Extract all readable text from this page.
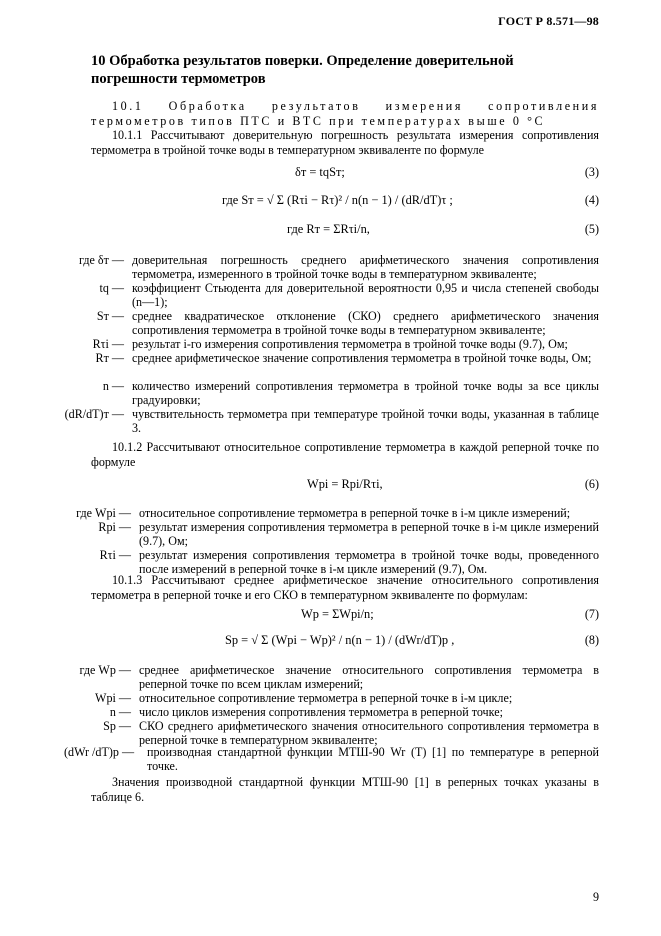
ГОСТ Р 8.571—98
10 Обработка результатов поверки. Определение доверительной погрешности термометров
10.1 Обработка результатов измерения сопротивления термометров типов ПТС и ВТС при температурах выше 0 °С
10.1.1 Рассчитывают доверительную погрешность результата измерения сопротивления термометра в тройной точке воды в температурном эквиваленте по формуле
δт = tqSт;	(3)
где Sт = √ Σ (Rτi − Rτ)² / n(n − 1) / (dR/dT)τ ;	(4)
где Rт = ΣRτi/n,	(5)
где δт — доверительная погрешность среднего арифметического значения сопротивления термометра, измеренного в тройной точке воды в температурном эквиваленте;
tq — коэффициент Стьюдента для доверительной вероятности 0,95 и числа степеней свободы (n—1);
Sт — среднее квадратическое отклонение (СКО) среднего арифметического значения сопротивления термометра в тройной точке воды в температурном эквиваленте;
Rτi — результат i-го измерения сопротивления термометра в тройной точке воды (9.7), Ом;
Rт — среднее арифметическое значение сопротивления термометра в тройной точке воды, Ом;
n — количество измерений сопротивления термометра в тройной точке воды за все циклы градуировки;
(dR/dT)т — чувствительность термометра при температуре тройной точки воды, указанная в таблице 3.
10.1.2 Рассчитывают относительное сопротивление термометра в каждой реперной точке по формуле
Wpi = Rpi/Rτi,	(6)
где Wpi — относительное сопротивление термометра в реперной точке в i-м цикле измерений;
Rpi — результат измерения сопротивления термометра в реперной точке в i-м цикле измерений (9.7), Ом;
Rτi — результат измерения сопротивления термометра в тройной точке воды, проведенного после измерений в реперной точке в i-м цикле измерений (9.7), Ом.
10.1.3 Рассчитывают среднее арифметическое значение относительного сопротивления термометра в реперной точке и его СКО в температурном эквиваленте по формулам:
Wp = ΣWpi/n;	(7)
Sp = √ Σ (Wpi − Wp)² / n(n − 1) / (dWr/dT)p ,	(8)
где Wp — среднее арифметическое значение относительного сопротивления термометра в реперной точке по всем циклам измерений;
Wpi — относительное сопротивление термометра в реперной точке в i-м цикле;
n — число циклов измерения сопротивления термометра в реперной точке;
Sp — СКО среднего арифметического значения относительного сопротивления термометра в реперной точке в температурном эквиваленте;
(dWr /dT)p — производная стандартной функции МТШ-90 Wr (T) [1] по температуре в реперной точке.
Значения производной стандартной функции МТШ-90 [1] в реперных точках указаны в таблице 6.
9
